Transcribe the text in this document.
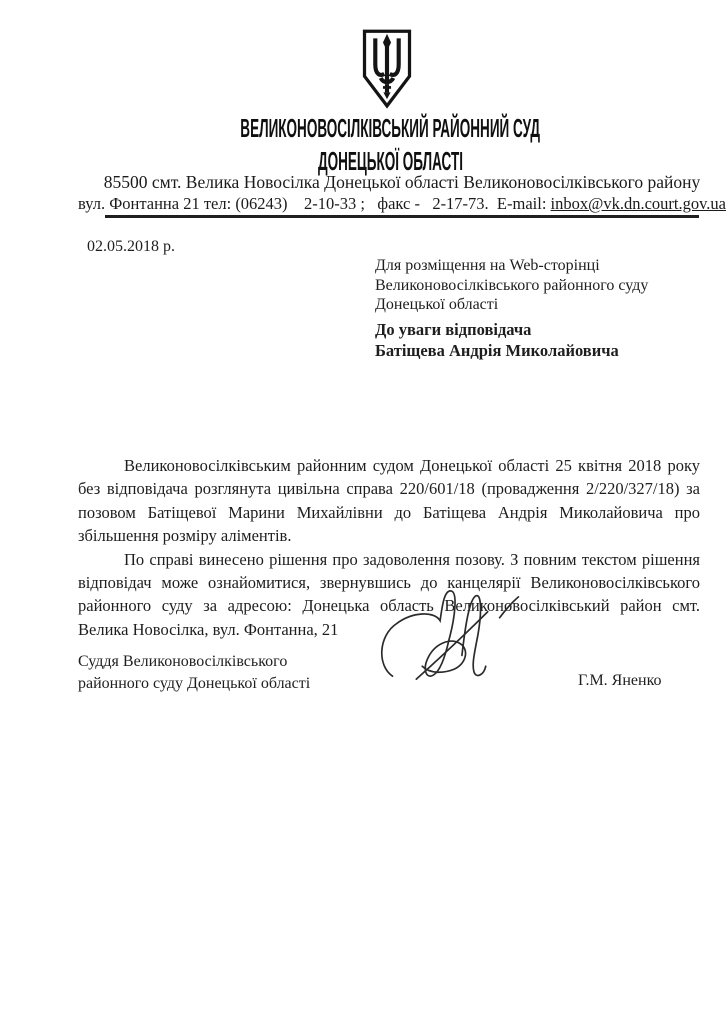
ВЕЛИКОНОВОСІЛКІВСЬКИЙ РАЙОННИЙ СУД
ДОНЕЦЬКОЇ ОБЛАСТІ
85500 смт. Велика Новосілка Донецької області Великоновосілківського району
вул. Фонтанна 21 тел: (06243)    2-10-33 ;   факс -   2-17-73.  E-mail: inbox@vk.dn.court.gov.ua
02.05.2018 р.
Для розміщення на Web-сторінці
Великоновосілківського районного суду
Донецької області
До уваги відповідача
Батіщева Андрія Миколайовича

Великоновосілківським районним судом Донецької області 25 квітня 2018 року без відповідача розглянута цивільна справа 220/601/18 (провадження 2/220/327/18) за позовом Батіщевої Марини Михайлівни до Батіщева Андрія Миколайовича про збільшення розміру аліментів.

По справі винесено рішення про задоволення позову. З повним текстом рішення відповідач може ознайомитися, звернувшись до канцелярії Великоновосілківського районного суду за адресою: Донецька область Великоновосілківський район смт. Велика Новосілка, вул. Фонтанна, 21

Суддя Великоновосілківського
районного суду Донецької області	Г.М. Яненко
